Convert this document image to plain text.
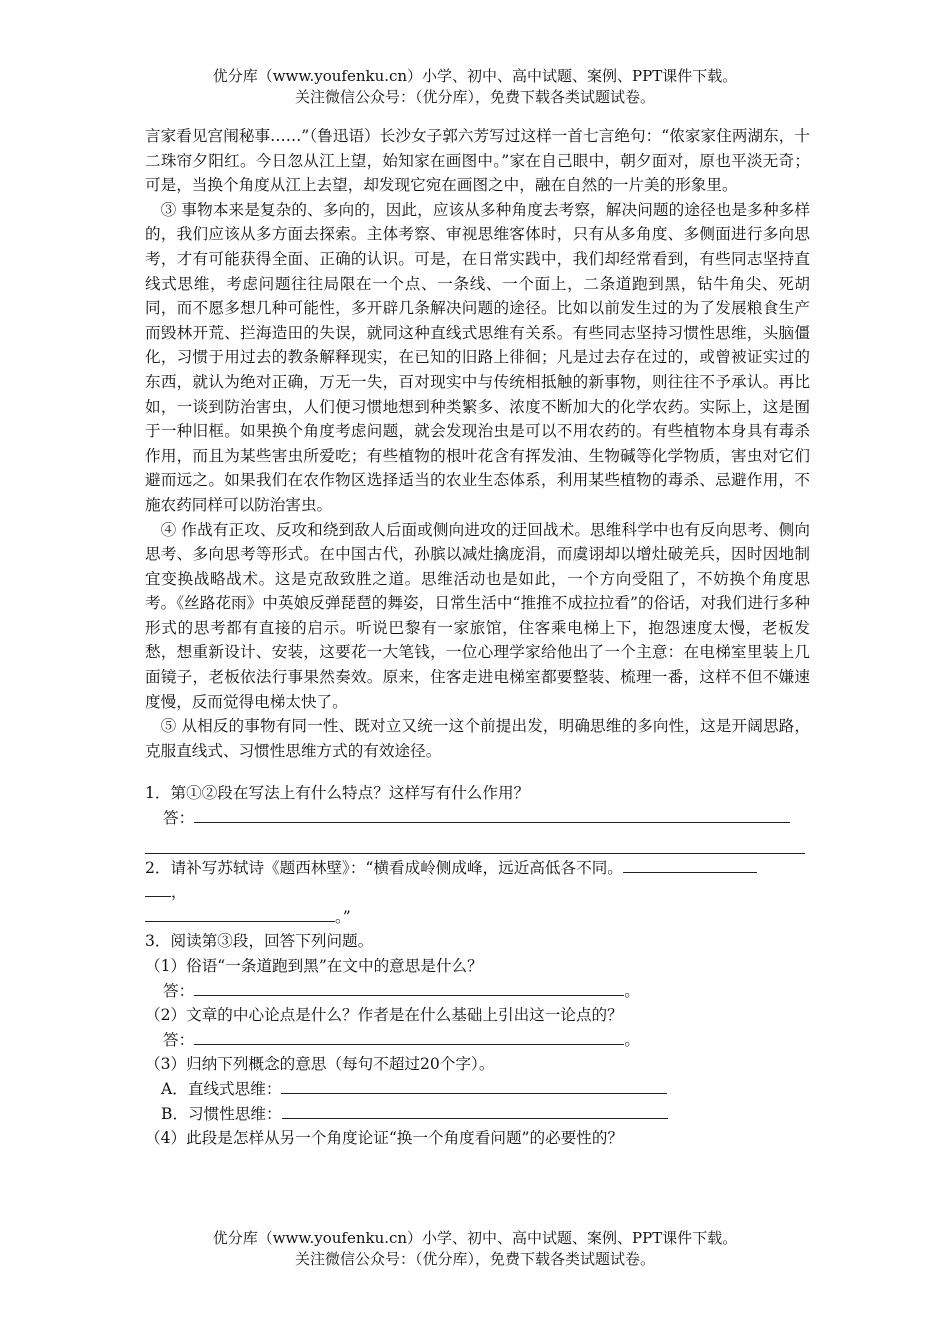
优分库（www.youfenku.cn）小学、初中、高中试题、案例、PPT课件下载。
关注微信公众号：（优分库），免费下载各类试题试卷。

言家看见宫闱秘事……”（鲁迅语）长沙女子郭六芳写过这样一首七言绝句：“侬家家住两湖东，十二珠帘夕阳红。今日忽从江上望，始知家在画图中。”家在自己眼中，朝夕面对，原也平淡无奇；可是，当换个角度从江上去望，却发现它宛在画图之中，融在自然的一片美的形象里。

③ 事物本来是复杂的、多向的，因此，应该从多种角度去考察，解决问题的途径也是多种多样的，我们应该从多方面去探索。主体考察、审视思维客体时，只有从多角度、多侧面进行多向思考，才有可能获得全面、正确的认识。可是，在日常实践中，我们却经常看到，有些同志坚持直线式思维，考虑问题往往局限在一个点、一条线、一个面上，二条道跑到黑，钻牛角尖、死胡同，而不愿多想几种可能性，多开辟几条解决问题的途径。比如以前发生过的为了发展粮食生产而毁林开荒、拦海造田的失误，就同这种直线式思维有关系。有些同志坚持习惯性思维，头脑僵化，习惯于用过去的教条解释现实，在已知的旧路上徘徊；凡是过去存在过的，或曾被证实过的东西，就认为绝对正确，万无一失，百对现实中与传统相抵触的新事物，则往往不予承认。再比如，一谈到防治害虫，人们便习惯地想到种类繁多、浓度不断加大的化学农药。实际上，这是囿于一种旧框。如果换个角度考虑问题，就会发现治虫是可以不用农药的。有些植物本身具有毒杀作用，而且为某些害虫所爱吃；有些植物的根叶花含有挥发油、生物碱等化学物质，害虫对它们避而远之。如果我们在农作物区选择适当的农业生态体系，利用某些植物的毒杀、忌避作用，不施农药同样可以防治害虫。

④ 作战有正攻、反攻和绕到敌人后面或侧向进攻的迂回战术。思维科学中也有反向思考、侧向思考、多向思考等形式。在中国古代，孙膑以减灶擒庞涓，而虞诩却以增灶破羌兵，因时因地制宜变换战略战术。这是克敌致胜之道。思维活动也是如此，一个方向受阻了，不妨换个角度思考。《丝路花雨》中英娘反弹琵琶的舞姿，日常生活中“推推不成拉拉看”的俗话，对我们进行多种形式的思考都有直接的启示。听说巴黎有一家旅馆，住客乘电梯上下，抱怨速度太慢，老板发愁，想重新设计、安装，这要花一大笔钱，一位心理学家给他出了一个主意：在电梯室里装上几面镜子，老板依法行事果然奏效。原来，住客走进电梯室都要整装、梳理一番，这样不但不嫌速度慢，反而觉得电梯太快了。

⑤ 从相反的事物有同一性、既对立又统一这个前提出发，明确思维的多向性，这是开阔思路，克服直线式、习惯性思维方式的有效途径。

1．第①②段在写法上有什么特点？这样写有什么作用？
答：
2．请补写苏轼诗《题西林壁》：“横看成岭侧成峰，远近高低各不同。
，
。”
3．阅读第③段，回答下列问题。
（1）俗语“一条道跑到黑”在文中的意思是什么？
答：	。
（2）文章的中心论点是什么？作者是在什么基础上引出这一论点的？
答：	。
（3）归纳下列概念的意思（每句不超过20个字）。
A．直线式思维：
B．习惯性思维：
（4）此段是怎样从另一个角度论证“换一个角度看问题”的必要性的？
优分库（www.youfenku.cn）小学、初中、高中试题、案例、PPT课件下载。
关注微信公众号：（优分库），免费下载各类试题试卷。
